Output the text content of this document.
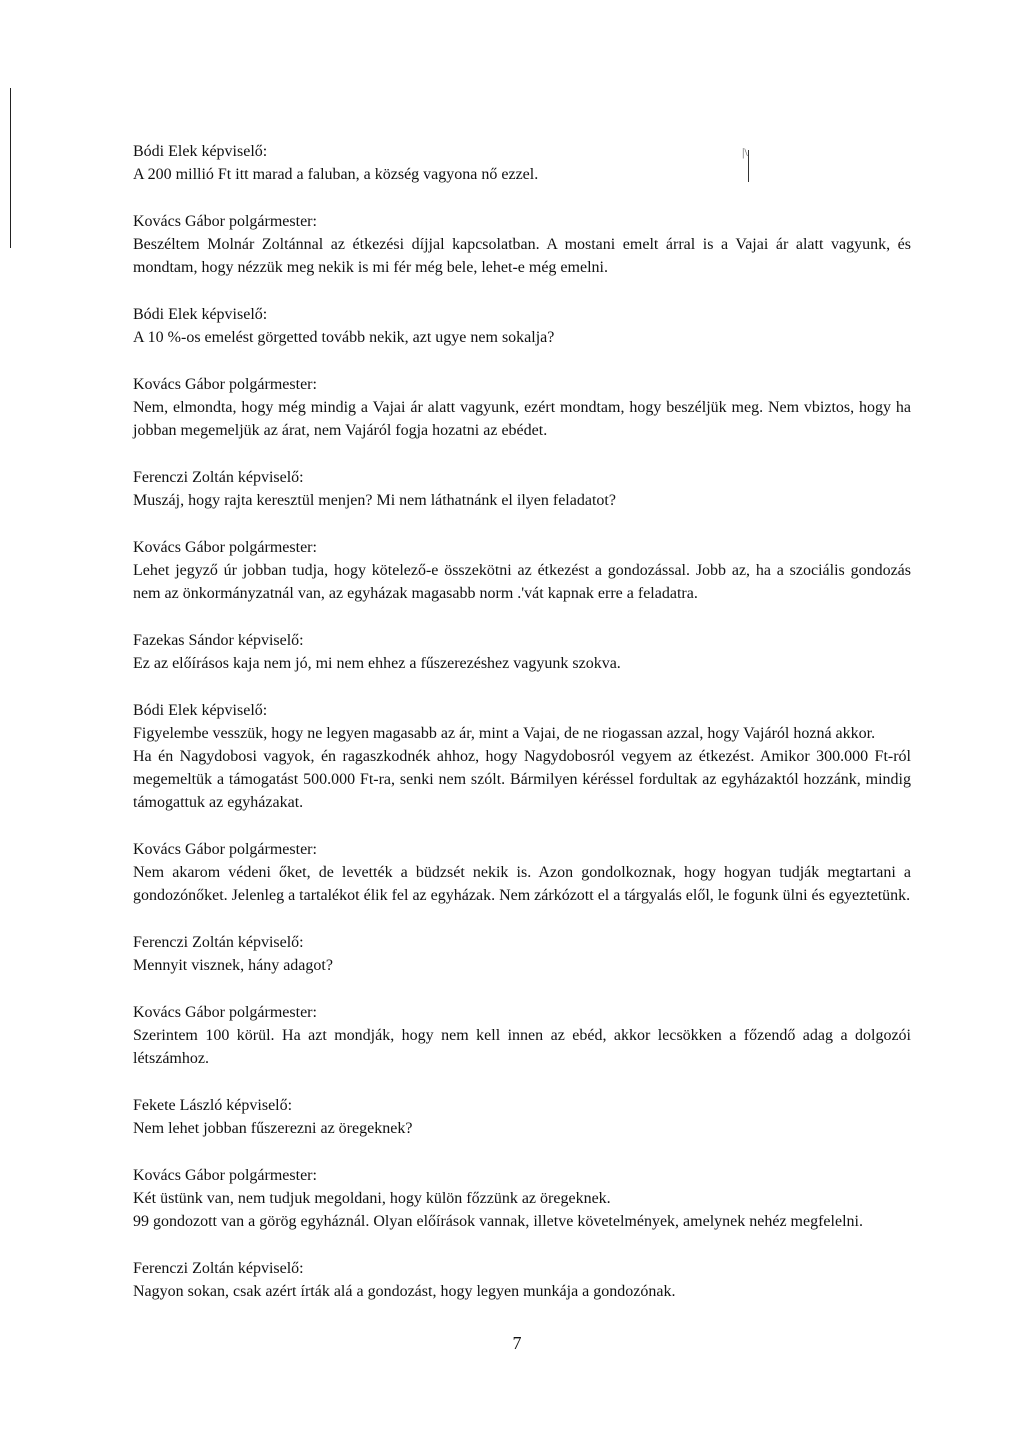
|\

Bódi Elek képviselő:

A 200 millió Ft itt marad a faluban, a község vagyona nő ezzel.

Kovács Gábor polgármester:

Beszéltem Molnár Zoltánnal az étkezési díjjal kapcsolatban. A mostani emelt árral is a Vajai ár alatt vagyunk, és mondtam, hogy nézzük meg nekik is mi fér még bele, lehet-e még emelni.

Bódi Elek képviselő:

A 10 %-os emelést görgetted tovább nekik, azt ugye nem sokalja?

Kovács Gábor polgármester:

Nem, elmondta, hogy még mindig a Vajai ár alatt vagyunk, ezért mondtam, hogy beszéljük meg. Nem vbiztos, hogy ha jobban megemeljük az árat, nem Vajáról fogja hozatni az ebédet.

Ferenczi Zoltán képviselő:

Muszáj, hogy rajta keresztül menjen? Mi nem láthatnánk el ilyen feladatot?

Kovács Gábor polgármester:

Lehet jegyző úr jobban tudja, hogy kötelező-e összekötni az étkezést a gondozással. Jobb az, ha a szociális gondozás nem az önkormányzatnál van, az egyházak magasabb norm .'vát kapnak erre a feladatra.

Fazekas Sándor képviselő:

Ez az előírásos kaja nem jó, mi nem ehhez a fűszerezéshez vagyunk szokva.

Bódi Elek képviselő:

Figyelembe vesszük, hogy ne legyen magasabb az ár, mint a Vajai, de ne riogassan azzal, hogy Vajáról hozná akkor.

Ha én Nagydobosi vagyok, én ragaszkodnék ahhoz, hogy Nagydobosról vegyem az étkezést. Amikor 300.000 Ft-ról megemeltük a támogatást 500.000 Ft-ra, senki nem szólt. Bármilyen kéréssel fordultak az egyházaktól hozzánk, mindig támogattuk az egyházakat.

Kovács Gábor polgármester:

Nem akarom védeni őket, de levették a büdzsét nekik is. Azon gondolkoznak, hogy hogyan tudják megtartani a gondozónőket. Jelenleg a tartalékot élik fel az egyházak. Nem zárkózott el a tárgyalás elől, le fogunk ülni és egyeztetünk.

Ferenczi Zoltán képviselő:

Mennyit visznek, hány adagot?

Kovács Gábor polgármester:

Szerintem 100 körül. Ha azt mondják, hogy nem kell innen az ebéd, akkor lecsökken a főzendő adag a dolgozói létszámhoz.

Fekete László képviselő:

Nem lehet jobban fűszerezni az öregeknek?

Kovács Gábor polgármester:

Két üstünk van, nem tudjuk megoldani, hogy külön főzzünk az öregeknek.

99 gondozott van a görög egyháznál. Olyan előírások vannak, illetve követelmények, amelynek nehéz megfelelni.

Ferenczi Zoltán képviselő:

Nagyon sokan, csak azért írták alá a gondozást, hogy legyen munkája a gondozónak.

7
